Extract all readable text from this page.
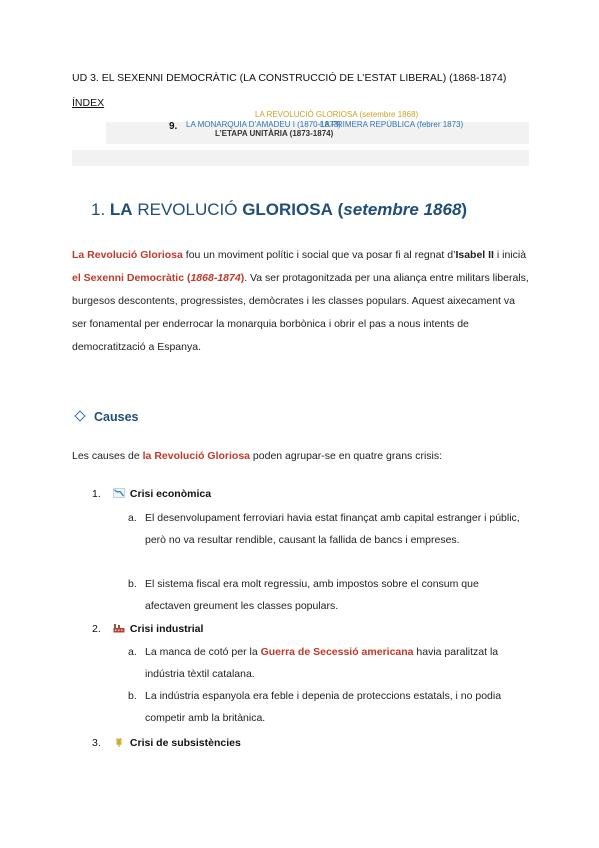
UD 3. EL SEXENNI DEMOCRÀTIC (LA CONSTRUCCIÓ DE L’ESTAT LIBERAL) (1868-1874)
ÍNDEX
9.
LA REVOLUCIÓ GLORIOSA (setembre 1868)
LA MONARQUIA D’AMADEU I (1870-1873)
LA PRIMERA REPÚBLICA (febrer 1873)
L’ETAPA UNITÀRIA (1873-1874)
1. LA REVOLUCIÓ GLORIOSA (setembre 1868)

La Revolució Gloriosa fou un moviment polític i social que va posar fi al regnat d’Isabel II i inicià el Sexenni Democràtic (1868-1874). Va ser protagonitzada per una aliança entre militars liberals, burgesos descontents, progressistes, demòcrates i les classes populars. Aquest aixecament va ser fonamental per enderrocar la monarquia borbònica i obrir el pas a nous intents de democratització a Espanya.

Causes

Les causes de la Revolució Gloriosa poden agrupar-se en quatre grans crisis:

1.	Crisi econòmica

a. El desenvolupament ferroviari havia estat finançat amb capital estranger i públic, però no va resultar rendible, causant la fallida de bancs i empreses.

b. El sistema fiscal era molt regressiu, amb impostos sobre el consum que afectaven greument les classes populars.

2.	Crisi industrial

a. La manca de cotó per la Guerra de Secessió americana havia paralitzat la indústria tèxtil catalana.

b. La indústria espanyola era feble i depenia de proteccions estatals, i no podia competir amb la britànica.

3.	Crisi de subsistències
